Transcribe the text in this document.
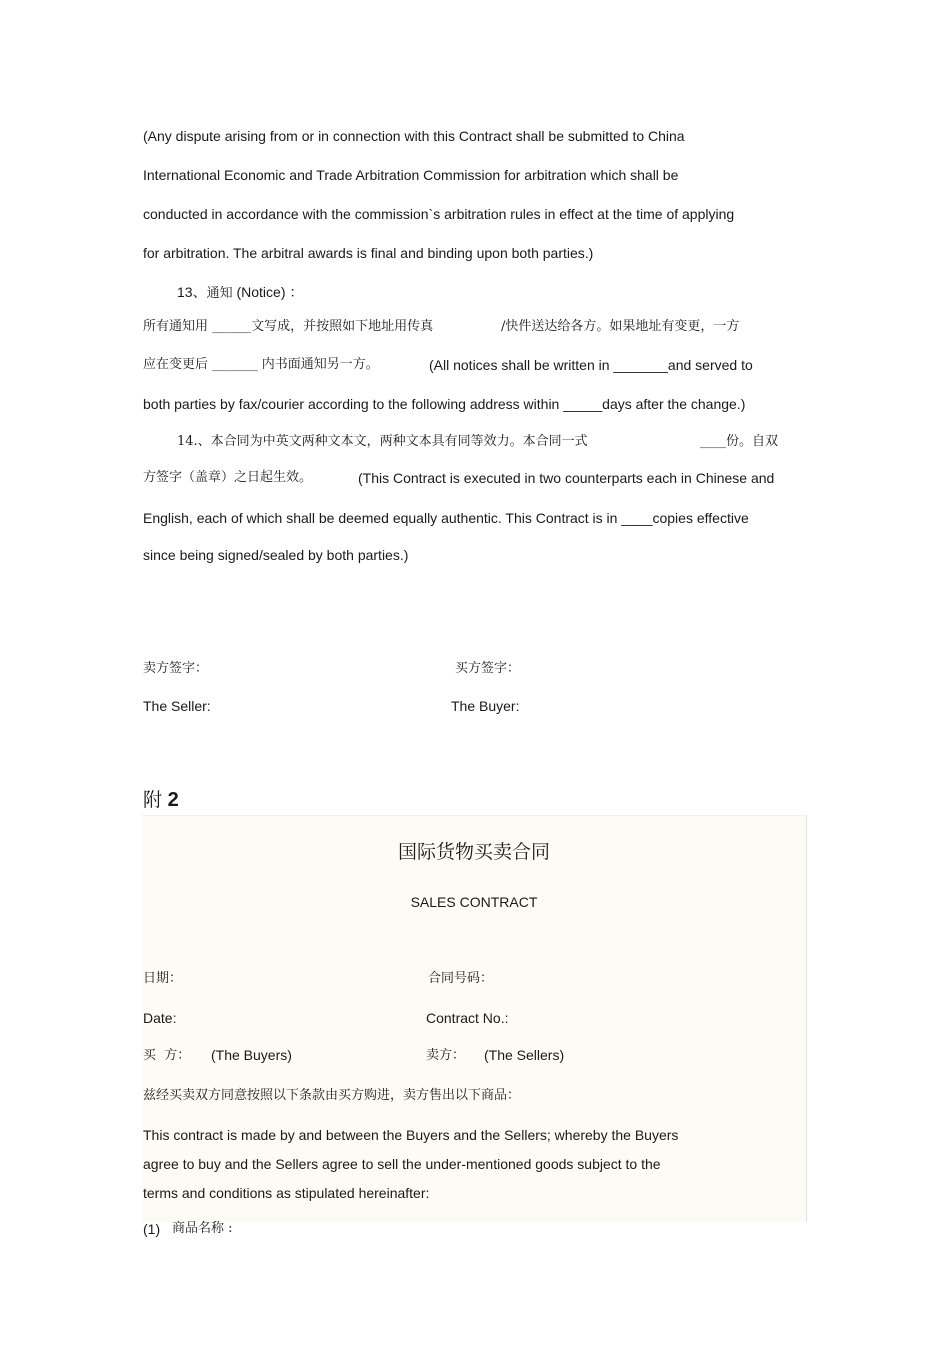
(Any dispute arising from or in connection with this Contract shall be submitted to China
International Economic and Trade Arbitration Commission for arbitration which shall be
conducted in accordance with the commission`s arbitration rules in effect at the time of applying
for arbitration. The arbitral awards is final and binding upon both parties.)
13、通知 (Notice) ：
所有通知用 ______文写成，并按照如下地址用传真	/快件送达给各方。如果地址有变更，一方
应在变更后 _______ 内书面通知另一方。	(All notices shall be written in _______and served to
both parties by fax/courier according to the following address within _____days after the change.)
14.、本合同为中英文两种文本文，两种文本具有同等效力。本合同一式	____份。自双
方签字（盖章）之日起生效。	(This Contract is executed in two counterparts each in Chinese and
English, each of which shall be deemed equally authentic. This Contract is in ____copies effective
since being signed/sealed by both parties.)
卖方签字：	买方签字：
The Seller:	The Buyer:
附 2
国际货物买卖合同
SALES CONTRACT
日期：	合同号码：
Date:	Contract No.:
买  方： (The Buyers)	卖方： (The Sellers)
兹经买卖双方同意按照以下条款由买方购进，卖方售出以下商品：
This contract is made by and between the Buyers and the Sellers; whereby the Buyers
agree to buy and the Sellers agree to sell the under-mentioned goods subject to the
terms and conditions as stipulated hereinafter:
(1) 商品名称 :
